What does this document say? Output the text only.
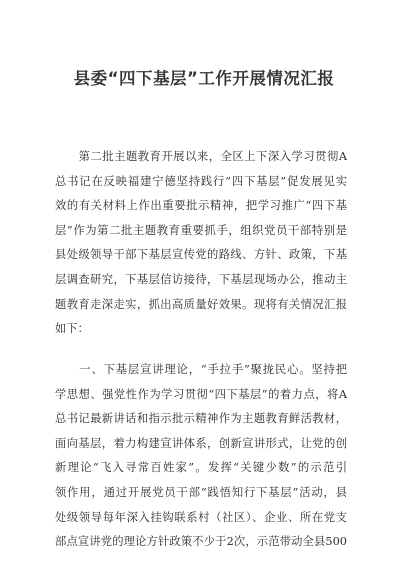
县委“四下基层”工作开展情况汇报
　　第二批主题教育开展以来，全区上下深入学习贯彻A
总书记在反映福建宁德坚持践行“四下基层”促发展见实
效的有关材料上作出重要批示精神，把学习推广“四下基
层”作为第二批主题教育重要抓手，组织党员干部特别是
县处级领导干部下基层宣传党的路线、方针、政策，下基
层调查研究，下基层信访接待，下基层现场办公，推动主
题教育走深走实，抓出高质量好效果。现将有关情况汇报
如下：
　　一、下基层宣讲理论，“手拉手”聚拢民心。坚持把
学思想、强党性作为学习贯彻“四下基层”的着力点，将A
总书记最新讲话和指示批示精神作为主题教育鲜活教材，
面向基层，着力构建宣讲体系，创新宣讲形式，让党的创
新理论“飞入寻常百姓家”。发挥“关键少数”的示范引
领作用，通过开展党员干部“践悟知行下基层”活动，县
处级领导每年深入挂钩联系村（社区）、企业、所在党支
部点宣讲党的理论方针政策不少于2次，示范带动全县500
